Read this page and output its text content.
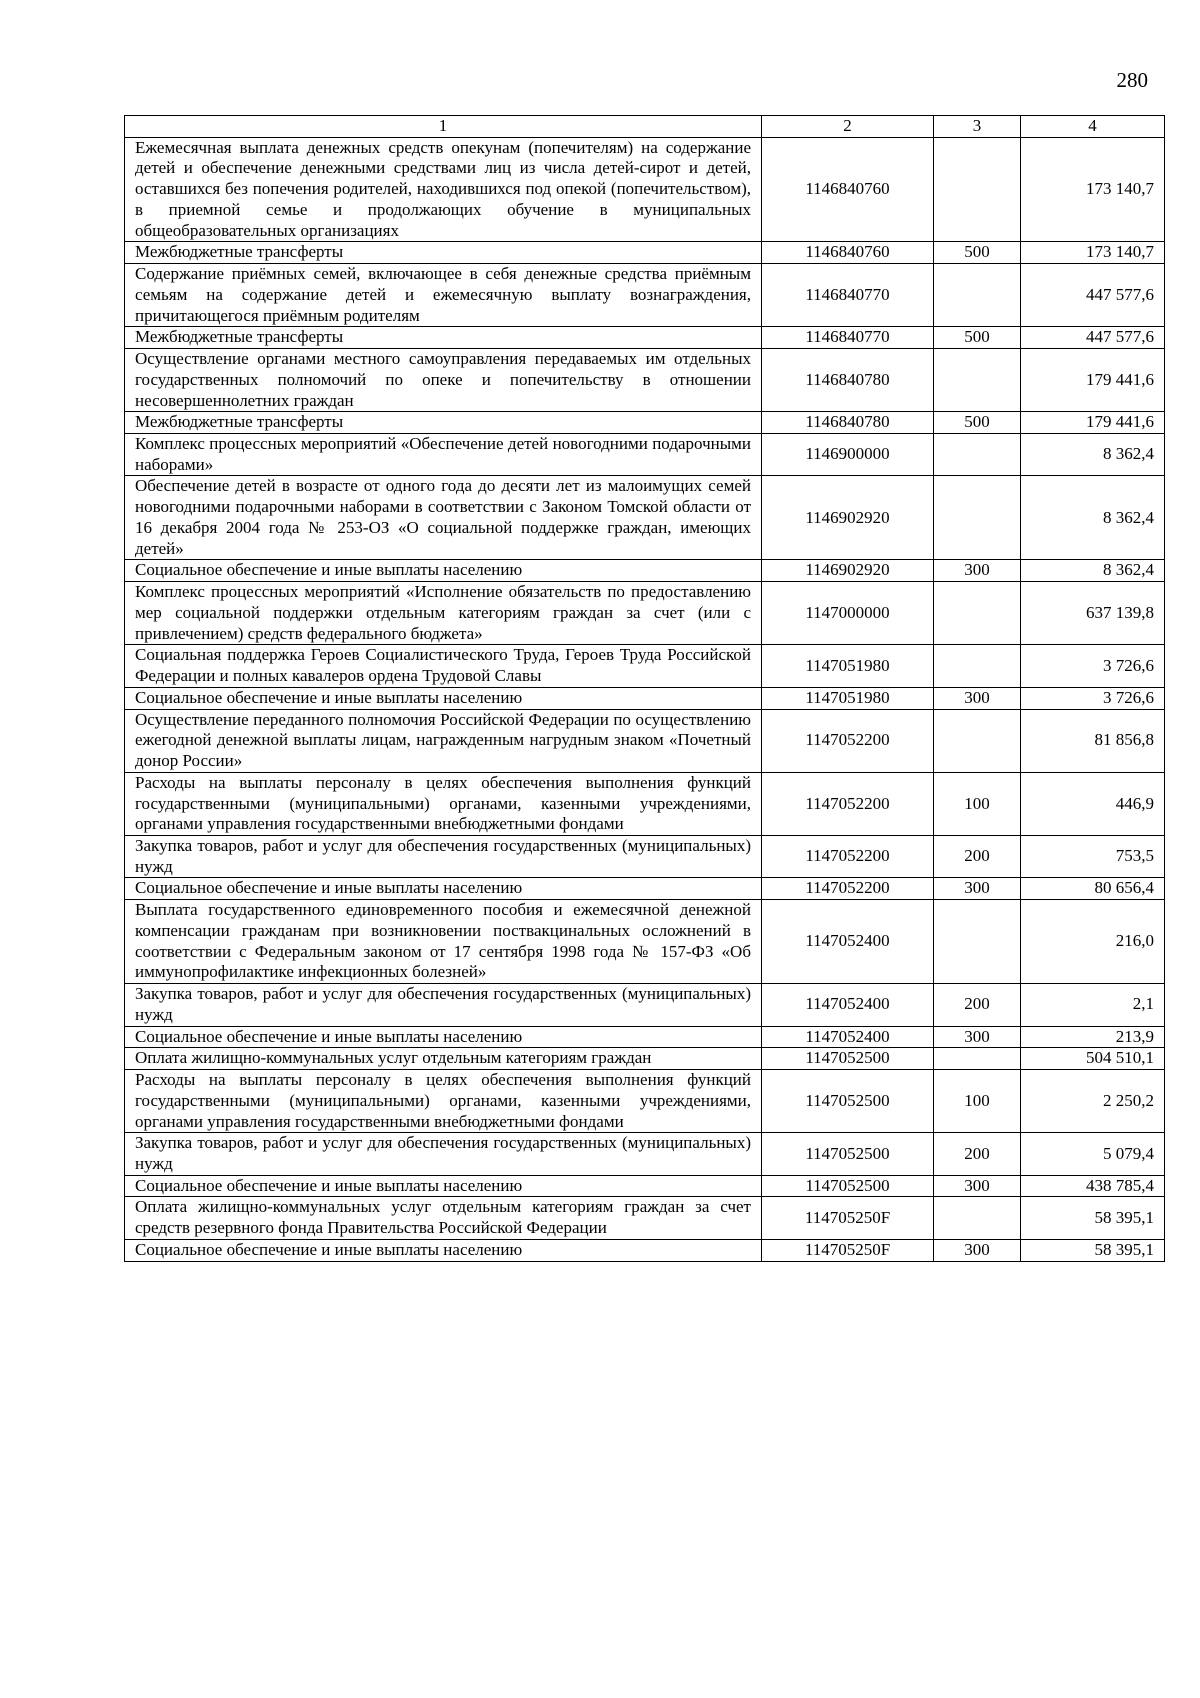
280
1	2	3	4
Ежемесячная выплата денежных средств опекунам (попечителям) на содержание детей и обеспечение денежными средствами лиц из числа детей-сирот и детей, оставшихся без попечения родителей, находившихся под опекой (попечительством), в приемной семье и продолжающих обучение в муниципальных общеобразовательных организациях	1146840760		173 140,7
Межбюджетные трансферты	1146840760	500	173 140,7
Содержание приёмных семей, включающее в себя денежные средства приёмным семьям на содержание детей и ежемесячную выплату вознаграждения, причитающегося приёмным родителям	1146840770		447 577,6
Межбюджетные трансферты	1146840770	500	447 577,6
Осуществление органами местного самоуправления передаваемых им отдельных государственных полномочий по опеке и попечительству в отношении несовершеннолетних граждан	1146840780		179 441,6
Межбюджетные трансферты	1146840780	500	179 441,6
Комплекс процессных мероприятий «Обеспечение детей новогодними подарочными наборами»	1146900000		8 362,4
Обеспечение детей в возрасте от одного года до десяти лет из малоимущих семей новогодними подарочными наборами в соответствии с Законом Томской области от 16 декабря 2004 года № 253-ОЗ «О социальной поддержке граждан, имеющих детей»	1146902920		8 362,4
Социальное обеспечение и иные выплаты населению	1146902920	300	8 362,4
Комплекс процессных мероприятий «Исполнение обязательств по предоставлению мер социальной поддержки отдельным категориям граждан за счет (или с привлечением) средств федерального бюджета»	1147000000		637 139,8
Социальная поддержка Героев Социалистического Труда, Героев Труда Российской Федерации и полных кавалеров ордена Трудовой Славы	1147051980		3 726,6
Социальное обеспечение и иные выплаты населению	1147051980	300	3 726,6
Осуществление переданного полномочия Российской Федерации по осуществлению ежегодной денежной выплаты лицам, награжденным нагрудным знаком «Почетный донор России»	1147052200		81 856,8
Расходы на выплаты персоналу в целях обеспечения выполнения функций государственными (муниципальными) органами, казенными учреждениями, органами управления государственными внебюджетными фондами	1147052200	100	446,9
Закупка товаров, работ и услуг для обеспечения государственных (муниципальных) нужд	1147052200	200	753,5
Социальное обеспечение и иные выплаты населению	1147052200	300	80 656,4
Выплата государственного единовременного пособия и ежемесячной денежной компенсации гражданам при возникновении поствакцинальных осложнений в соответствии с Федеральным законом от 17 сентября 1998 года № 157-ФЗ «Об иммунопрофилактике инфекционных болезней»	1147052400		216,0
Закупка товаров, работ и услуг для обеспечения государственных (муниципальных) нужд	1147052400	200	2,1
Социальное обеспечение и иные выплаты населению	1147052400	300	213,9
Оплата жилищно-коммунальных услуг отдельным категориям граждан	1147052500		504 510,1
Расходы на выплаты персоналу в целях обеспечения выполнения функций государственными (муниципальными) органами, казенными учреждениями, органами управления государственными внебюджетными фондами	1147052500	100	2 250,2
Закупка товаров, работ и услуг для обеспечения государственных (муниципальных) нужд	1147052500	200	5 079,4
Социальное обеспечение и иные выплаты населению	1147052500	300	438 785,4
Оплата жилищно-коммунальных услуг отдельным категориям граждан за счет средств резервного фонда Правительства Российской Федерации	114705250F		58 395,1
Социальное обеспечение и иные выплаты населению	114705250F	300	58 395,1
